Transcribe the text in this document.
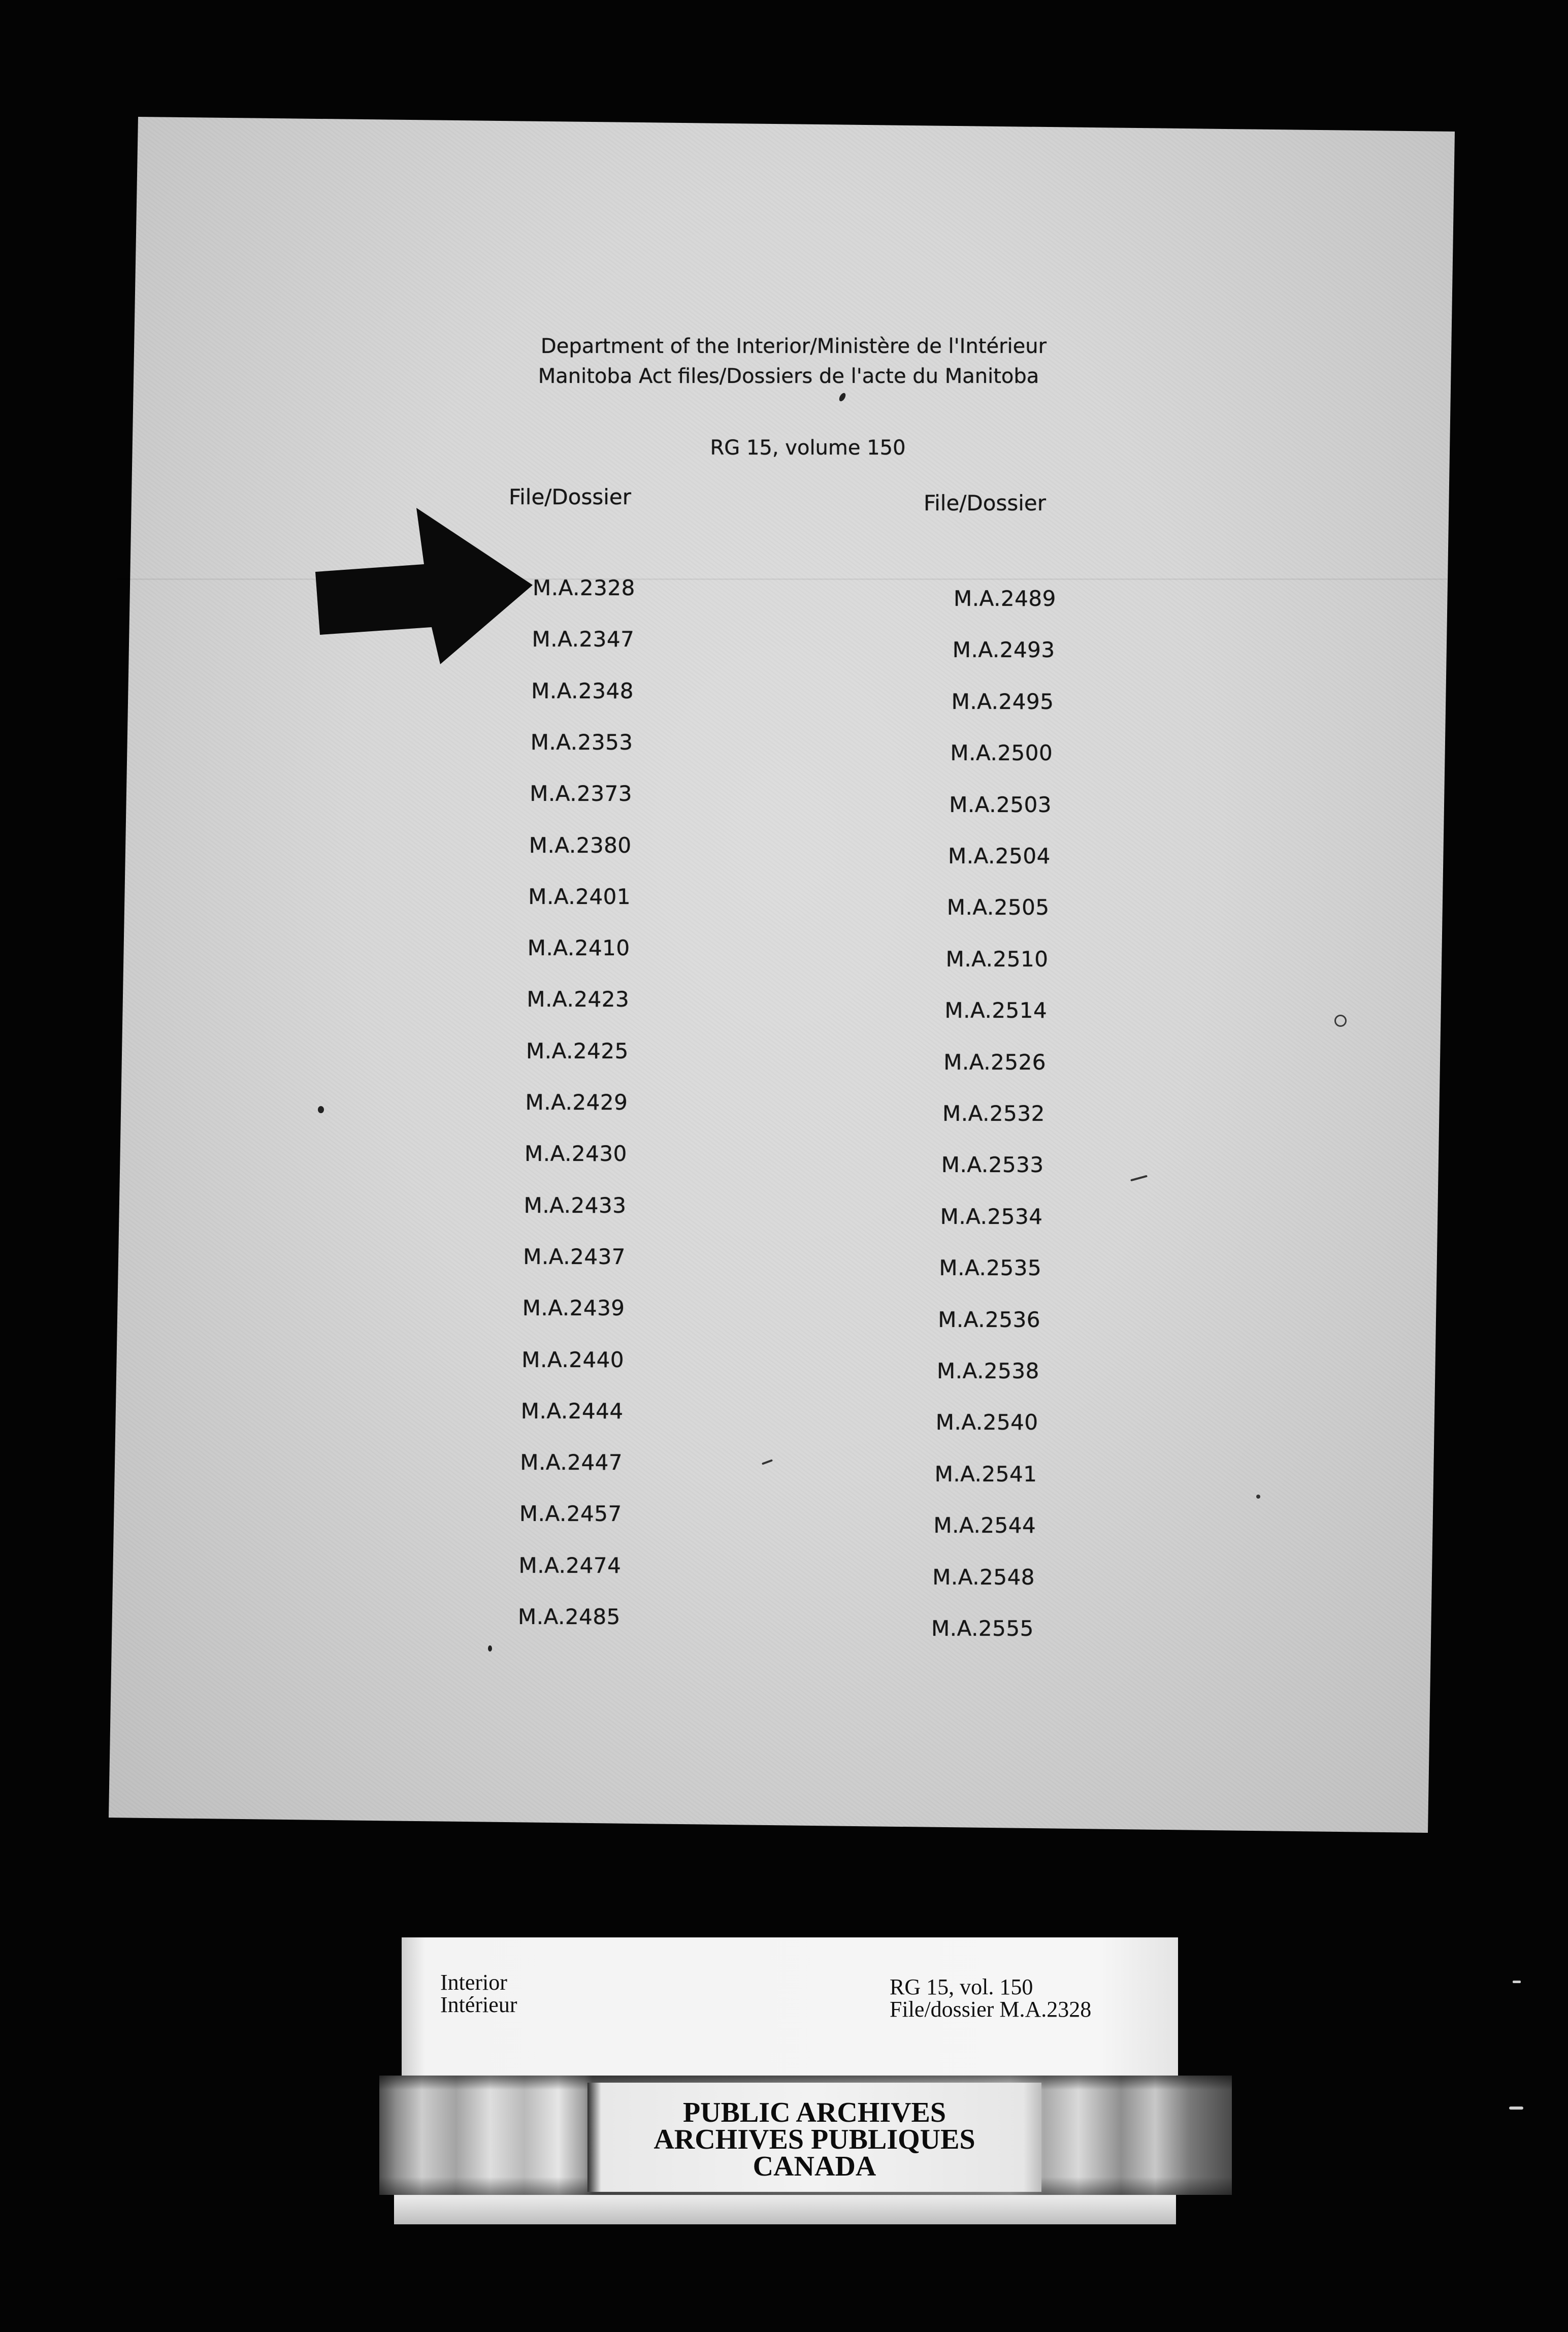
Department of the Interior/Ministère de l'Intérieur
Manitoba Act files/Dossiers de l'acte du Manitoba
RG 15, volume 150
File/Dossier	File/Dossier
M.A.2328
M.A.2347
M.A.2348
M.A.2353
M.A.2373
M.A.2380
M.A.2401
M.A.2410
M.A.2423
M.A.2425
M.A.2429
M.A.2430
M.A.2433
M.A.2437
M.A.2439
M.A.2440
M.A.2444
M.A.2447
M.A.2457
M.A.2474
M.A.2485
M.A.2489
M.A.2493
M.A.2495
M.A.2500
M.A.2503
M.A.2504
M.A.2505
M.A.2510
M.A.2514
M.A.2526
M.A.2532
M.A.2533
M.A.2534
M.A.2535
M.A.2536
M.A.2538
M.A.2540
M.A.2541
M.A.2544
M.A.2548
M.A.2555
Interior
Intérieur
RG 15, vol. 150
File/dossier M.A.2328
PUBLIC ARCHIVES
ARCHIVES PUBLIQUES
CANADA
